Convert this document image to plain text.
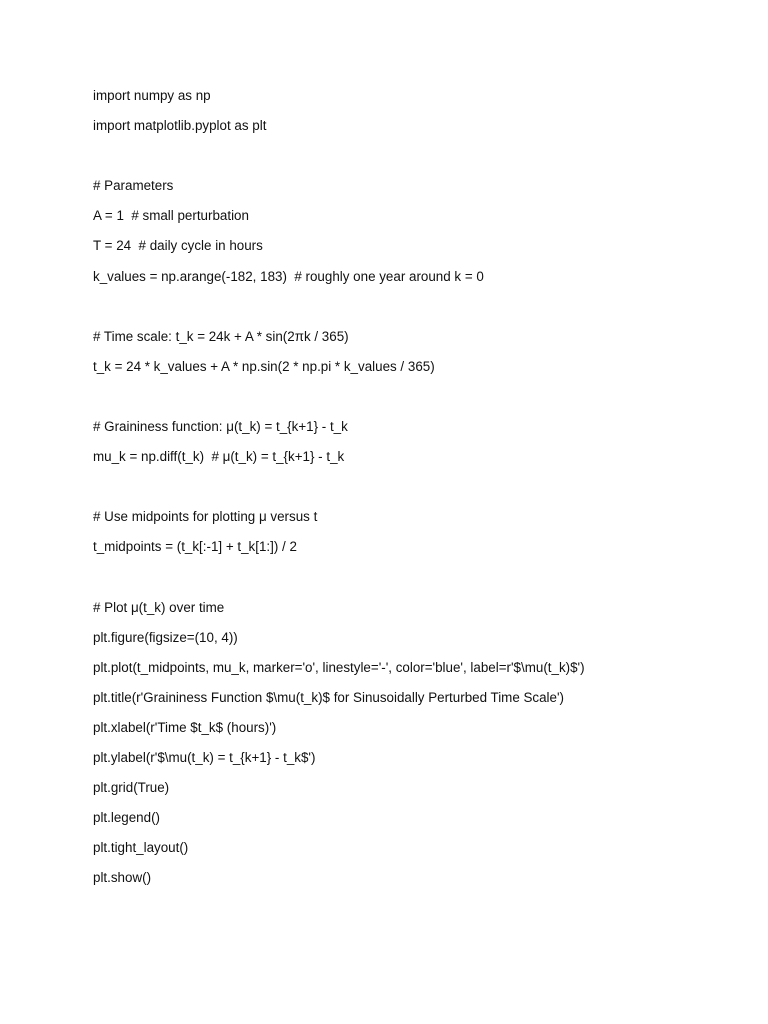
import numpy as np
import matplotlib.pyplot as plt
# Parameters
A = 1  # small perturbation
T = 24  # daily cycle in hours
k_values = np.arange(-182, 183)  # roughly one year around k = 0
# Time scale: t_k = 24k + A * sin(2πk / 365)
t_k = 24 * k_values + A * np.sin(2 * np.pi * k_values / 365)
# Graininess function: μ(t_k) = t_{k+1} - t_k
mu_k = np.diff(t_k)  # μ(t_k) = t_{k+1} - t_k
# Use midpoints for plotting μ versus t
t_midpoints = (t_k[:-1] + t_k[1:]) / 2
# Plot μ(t_k) over time
plt.figure(figsize=(10, 4))
plt.plot(t_midpoints, mu_k, marker='o', linestyle='-', color='blue', label=r'$\mu(t_k)$')
plt.title(r'Graininess Function $\mu(t_k)$ for Sinusoidally Perturbed Time Scale')
plt.xlabel(r'Time $t_k$ (hours)')
plt.ylabel(r'$\mu(t_k) = t_{k+1} - t_k$')
plt.grid(True)
plt.legend()
plt.tight_layout()
plt.show()
